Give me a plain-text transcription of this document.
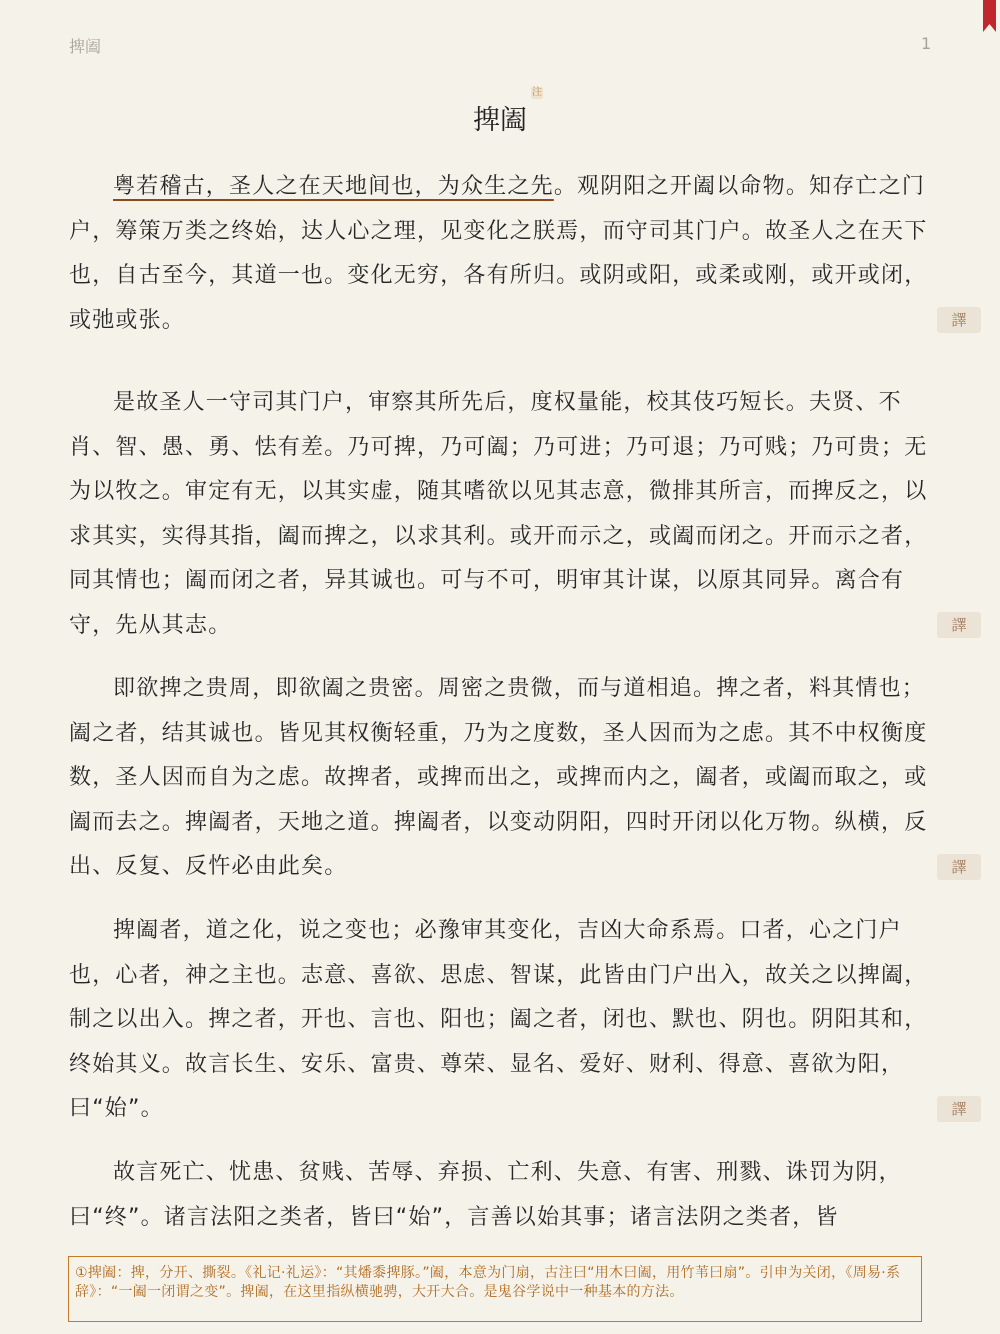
捭阖	1
捭阖
注

粤若稽古，圣人之在天地间也，为众生之先。观阴阳之开阖以命物。知存亡之门户，筹策万类之终始，达人心之理，见变化之朕焉，而守司其门户。故圣人之在天下也，自古至今，其道一也。变化无穷，各有所归。或阴或阳，或柔或刚，或开或闭，或弛或张。	譯

是故圣人一守司其门户，审察其所先后，度权量能，校其伎巧短长。夫贤、不肖、智、愚、勇、怯有差。乃可捭，乃可阖；乃可进；乃可退；乃可贱；乃可贵；无为以牧之。审定有无，以其实虚，随其嗜欲以见其志意，微排其所言，而捭反之，以求其实，实得其指，阖而捭之，以求其利。或开而示之，或阖而闭之。开而示之者，同其情也；阖而闭之者，异其诚也。可与不可，明审其计谋，以原其同异。离合有守，先从其志。	譯

即欲捭之贵周，即欲阖之贵密。周密之贵微，而与道相追。捭之者，料其情也；阖之者，结其诚也。皆见其权衡轻重，乃为之度数，圣人因而为之虑。其不中权衡度数，圣人因而自为之虑。故捭者，或捭而出之，或捭而内之，阖者，或阖而取之，或阖而去之。捭阖者，天地之道。捭阖者，以变动阴阳，四时开闭以化万物。纵横，反出、反复、反忤必由此矣。	譯

捭阖者，道之化，说之变也；必豫审其变化，吉凶大命系焉。口者，心之门户也，心者，神之主也。志意、喜欲、思虑、智谋，此皆由门户出入，故关之以捭阖，制之以出入。捭之者，开也、言也、阳也；阖之者，闭也、默也、阴也。阴阳其和，终始其义。故言长生、安乐、富贵、尊荣、显名、爱好、财利、得意、喜欲为阳，曰“始”。	譯

故言死亡、忧患、贫贱、苦辱、弃损、亡利、失意、有害、刑戮、诛罚为阴，曰“终”。诸言法阳之类者，皆曰“始”，言善以始其事；诸言法阴之类者，皆

①捭阖：捭，分开、撕裂。《礼记·礼运》：“其燔黍捭豚。”阖，本意为门扇，古注曰“用木曰阖，用竹苇曰扇”。引申为关闭，《周易·系辞》：“一阖一闭谓之变”。捭阖，在这里指纵横驰骋，大开大合。是鬼谷学说中一种基本的方法。
